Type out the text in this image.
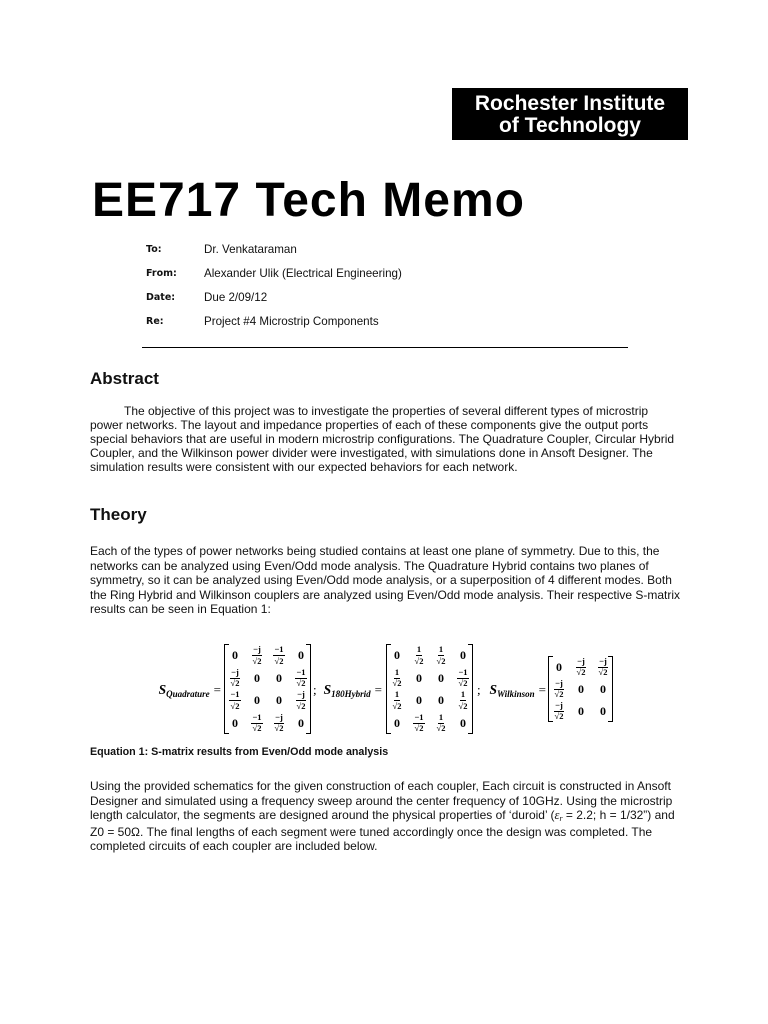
Rochester Institute
of Technology
EE717 Tech Memo
To:	Dr. Venkataraman
From: Alexander Ulik (Electrical Engineering)
Date: Due 2/09/12
Re:	Project #4 Microstrip Components
Abstract
The objective of this project was to investigate the properties of several different types of microstrip
power networks. The layout and impedance properties of each of these components give the output ports
special behaviors that are useful in modern microstrip configurations. The Quadrature Coupler, Circular Hybrid
Coupler, and the Wilkinson power divider were investigated, with simulations done in Ansoft Designer. The
simulation results were consistent with our expected behaviors for each network.
Theory
Each of the types of power networks being studied contains at least one plane of symmetry. Due to this, the
networks can be analyzed using Even/Odd mode analysis. The Quadrature Hybrid contains two planes of
symmetry, so it can be analyzed using Even/Odd mode analysis, or a superposition of 4 different modes. Both
the Ring Hybrid and Wilkinson couplers are analyzed using Even/Odd mode analysis. Their respective S-matrix
results can be seen in Equation 1:
SQuadrature =
$0 \frac{-j}{√2} \frac{-1}{√2} 0$
$\frac{-j}{√2} 0$ $0 \frac{-1}{√2}$
$\frac{-1}{√2} 0$ $0 \frac{-j}{√2}$
$0 \frac{-1}{√2} \frac{-j}{√2} 0$
; S180Hybrid =
$0 \frac{1}{√2} \frac{1}{√2} 0$
$\frac{1}{√2} 0$ $0 \frac{-1}{√2}$
$\frac{1}{√2} 0$ $0 \frac{1}{√2}$
$0 \frac{-1}{√2} \frac{1}{√2} 0$
; SWilkinson =
$0 \frac{-j}{√2} \frac{-j}{√2}$
$\frac{-j}{√2} 0$ 0
$\frac{-j}{√2} 0$ 0
Equation 1: S-matrix results from Even/Odd mode analysis
Using the provided schematics for the given construction of each coupler, Each circuit is constructed in Ansoft
Designer and simulated using a frequency sweep around the center frequency of 10GHz. Using the microstrip
length calculator, the segments are designed around the physical properties of ‘duroid’ (εr = 2.2; h = 1/32”) and
Z0 = 50Ω. The final lengths of each segment were tuned accordingly once the design was completed. The
completed circuits of each coupler are included below.
